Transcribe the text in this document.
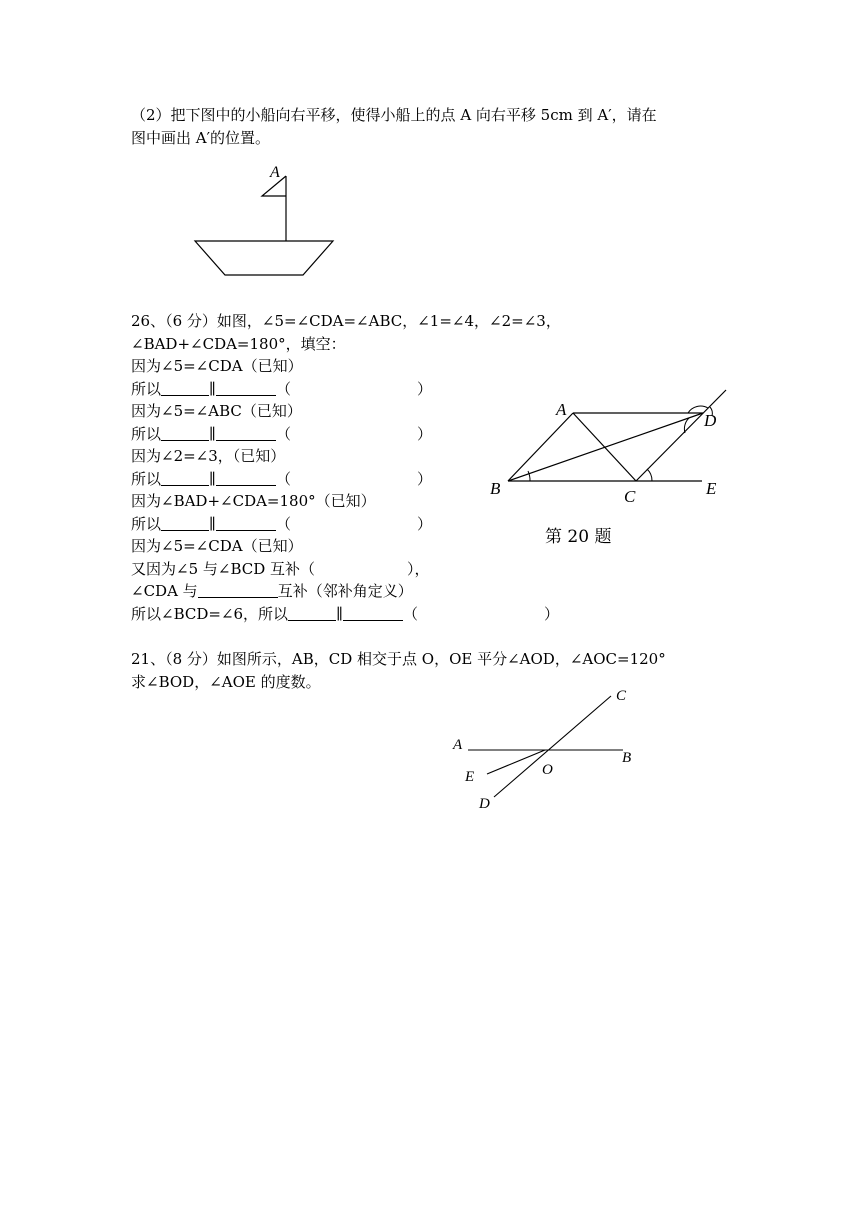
（2）把下图中的小船向右平移，使得小船上的点 A 向右平移 5cm 到 A′，请在
图中画出 A′的位置。
A
26、（6 分）如图，∠5=∠CDA=∠ABC，∠1=∠4，∠2=∠3，
∠BAD+∠CDA=180°，填空：
因为∠5=∠CDA（已知）
所以	∥	（	）
因为∠5=∠ABC（已知）
所以	∥	（	）
因为∠2=∠3，（已知）
所以	∥	（	）
因为∠BAD+∠CDA=180°（已知）
所以	∥	（	）
因为∠5=∠CDA（已知）
又因为∠5 与∠BCD 互补（	），
∠CDA 与	互补（邻补角定义）
所以∠BCD=∠6，所以	∥	（	）
A
B	C
D
E
第 20 题
21、（8 分）如图所示，AB，CD 相交于点 O，OE 平分∠AOD，∠AOC=120°
求∠BOD，∠AOE 的度数。
A
B
C
D
E	O
